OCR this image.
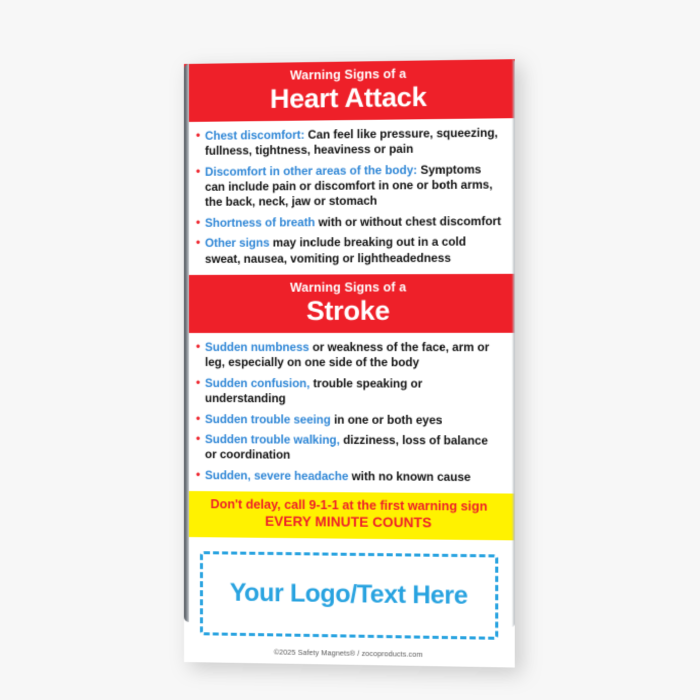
Warning Signs of a
Heart Attack
• Chest discomfort: Can feel like pressure, squeezing, fullness, tightness, heaviness or pain
• Discomfort in other areas of the body: Symptoms can include pain or discomfort in one or both arms, the back, neck, jaw or stomach
• Shortness of breath with or without chest discomfort
• Other signs may include breaking out in a cold sweat, nausea, vomiting or lightheadedness
Warning Signs of a
Stroke
• Sudden numbness or weakness of the face, arm or leg, especially on one side of the body
• Sudden confusion, trouble speaking or understanding
• Sudden trouble seeing in one or both eyes
• Sudden trouble walking, dizziness, loss of balance or coordination
• Sudden, severe headache with no known cause
Don't delay, call 9-1-1 at the first warning sign
EVERY MINUTE COUNTS
Your Logo/Text Here
©2025 Safety Magnets® / zocoproducts.com
